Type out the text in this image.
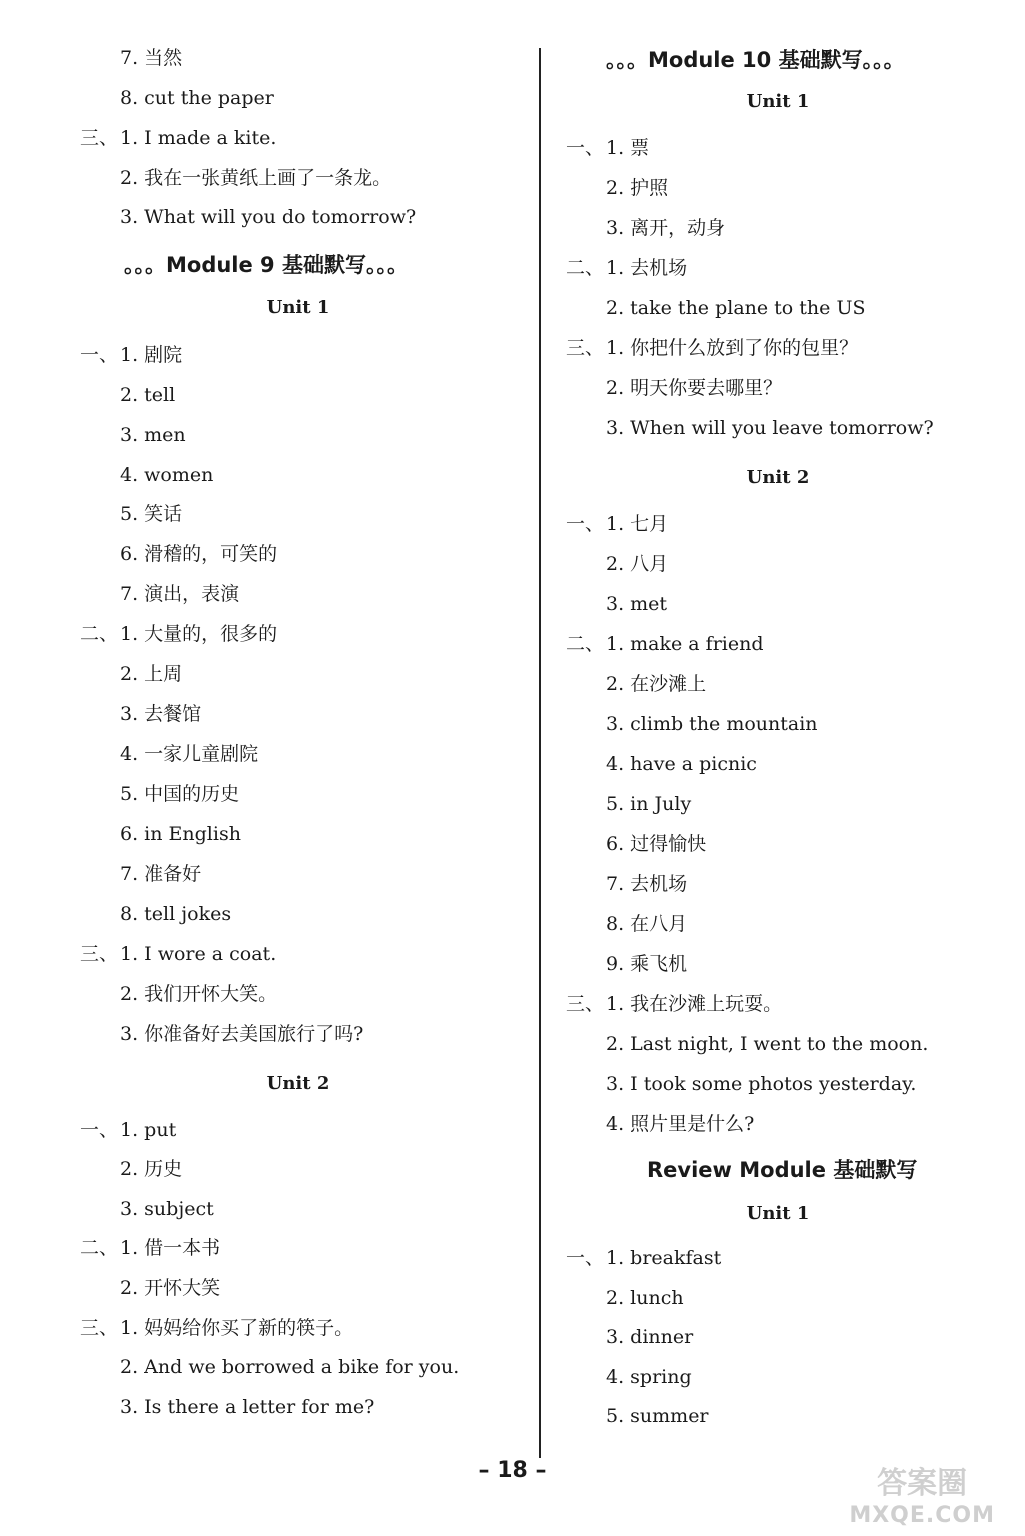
7. 当然
8. cut the paper
三、 1. I made a kite.
2. 我在一张黄纸上画了一条龙。
3. What will you do tomorrow?
。。。Module 9 基础默写。。。
Unit 1
一、 1. 剧院
2. tell
3. men
4. women
5. 笑话
6. 滑稽的，可笑的
7. 演出，表演
二、 1. 大量的，很多的
2. 上周
3. 去餐馆
4. 一家儿童剧院
5. 中国的历史
6. in English
7. 准备好
8. tell jokes
三、 1. I wore a coat.
2. 我们开怀大笑。
3. 你准备好去美国旅行了吗?
Unit 2
一、 1. put
2. 历史
3. subject
二、 1. 借一本书
2. 开怀大笑
三、 1. 妈妈给你买了新的筷子。
2. And we borrowed a bike for you.
3. Is there a letter for me?
。。。Module 10 基础默写。。。
Unit 1
一、 1. 票
2. 护照
3. 离开，动身
二、 1. 去机场
2. take the plane to the US
三、 1. 你把什么放到了你的包里？
2. 明天你要去哪里？
3. When will you leave tomorrow?
Unit 2
一、 1. 七月
2. 八月
3. met
二、 1. make a friend
2. 在沙滩上
3. climb the mountain
4. have a picnic
5. in July
6. 过得愉快
7. 去机场
8. 在八月
9. 乘飞机
三、 1. 我在沙滩上玩耍。
2. Last night, I went to the moon.
3. I took some photos yesterday.
4. 照片里是什么?
Review Module 基础默写
Unit 1
一、 1. breakfast
2. lunch
3. dinner
4. spring
5. summer
– 18 –	答案圈
MXQE.COM
